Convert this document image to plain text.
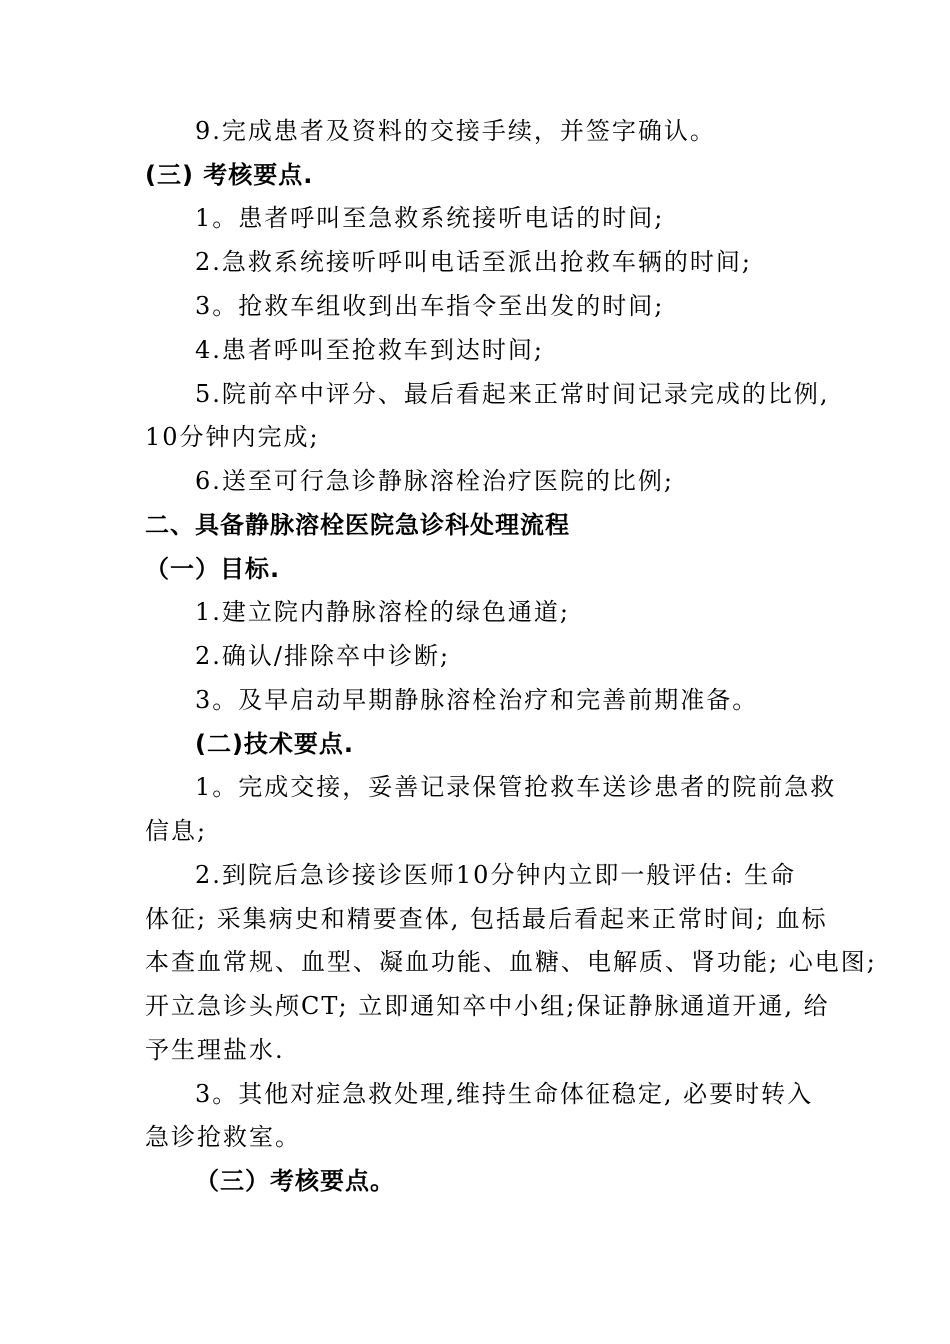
9.完成患者及资料的交接手续，并签字确认。
(三) 考核要点.
1。患者呼叫至急救系统接听电话的时间;
2.急救系统接听呼叫电话至派出抢救车辆的时间;
3。抢救车组收到出车指令至出发的时间;
4.患者呼叫至抢救车到达时间;
5.院前卒中评分、最后看起来正常时间记录完成的比例,
10分钟内完成;
6.送至可行急诊静脉溶栓治疗医院的比例;
二、具备静脉溶栓医院急诊科处理流程
（一）目标.
1.建立院内静脉溶栓的绿色通道;
2.确认/排除卒中诊断;
3。及早启动早期静脉溶栓治疗和完善前期准备。
(二)技术要点.
1。完成交接，妥善记录保管抢救车送诊患者的院前急救
信息;
2.到院后急诊接诊医师10分钟内立即一般评估: 生命
体征; 采集病史和精要查体, 包括最后看起来正常时间; 血标
本查血常规、血型、凝血功能、血糖、电解质、肾功能; 心电图;
开立急诊头颅CT; 立即通知卒中小组;保证静脉通道开通, 给
予生理盐水.
3。其他对症急救处理,维持生命体征稳定, 必要时转入
急诊抢救室。
（三）考核要点。
